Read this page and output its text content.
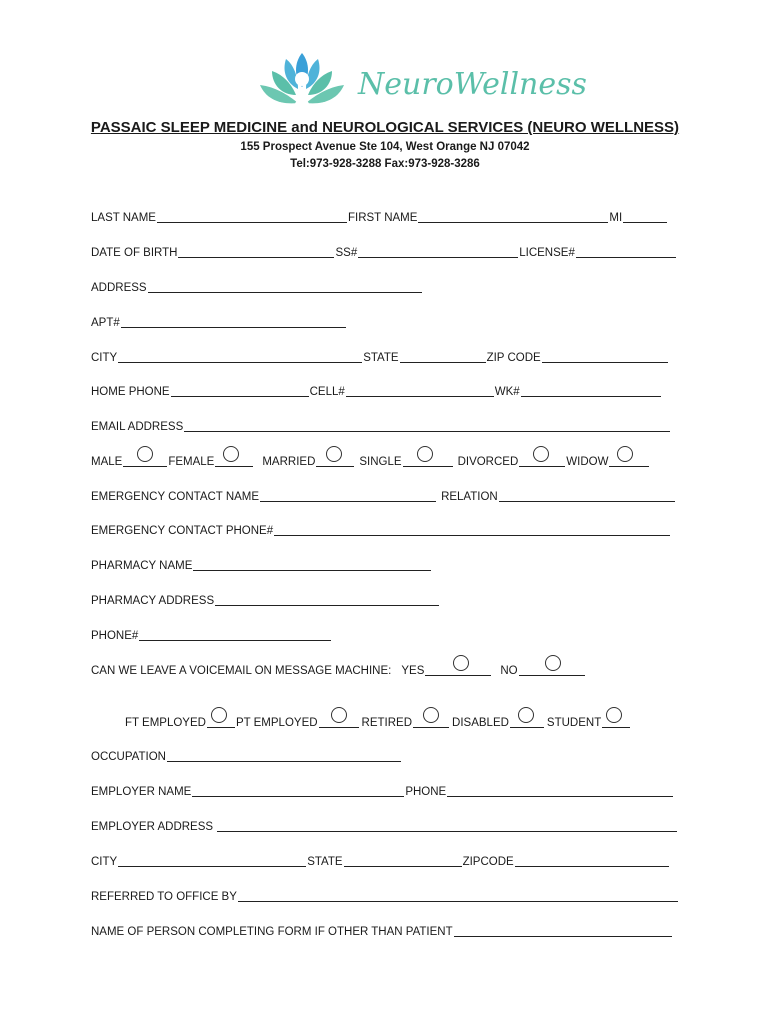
NeuroWellness
PASSAIC SLEEP MEDICINE and NEUROLOGICAL SERVICES (NEURO WELLNESS)
155 Prospect Avenue Ste 104, West Orange NJ 07042
Tel:973-928-3288 Fax:973-928-3286
LAST NAME	FIRST NAME	MI
DATE OF BIRTH	SS#	LICENSE#
ADDRESS
APT#
CITY	STATE	ZIP CODE
HOME PHONE	CELL#	WK#
EMAIL ADDRESS
MALE	FEMALE	MARRIED	SINGLE	DIVORCED	WIDOW
EMERGENCY CONTACT NAME	RELATION
EMERGENCY CONTACT PHONE#
PHARMACY NAME
PHARMACY ADDRESS
PHONE#
CAN WE LEAVE A VOICEMAIL ON MESSAGE MACHINE: YES	NO
FT EMPLOYED	PT EMPLOYED	RETIRED	DISABLED	STUDENT
OCCUPATION
EMPLOYER NAME	PHONE
EMPLOYER ADDRESS
CITY	STATE	ZIPCODE
REFERRED TO OFFICE BY
NAME OF PERSON COMPLETING FORM IF OTHER THAN PATIENT
